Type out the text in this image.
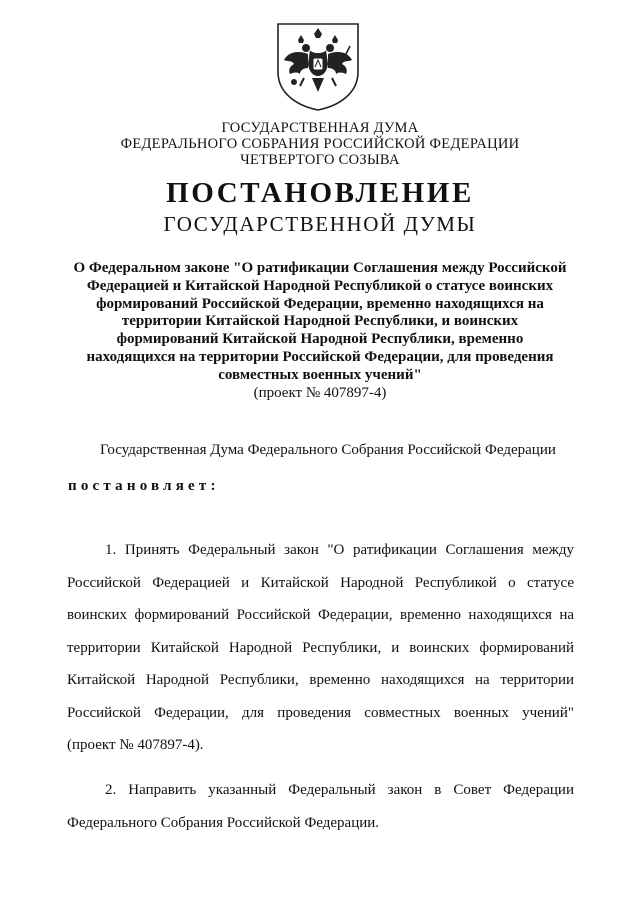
ГОСУДАРСТВЕННАЯ ДУМА
ФЕДЕРАЛЬНОГО СОБРАНИЯ РОССИЙСКОЙ ФЕДЕРАЦИИ
ЧЕТВЕРТОГО СОЗЫВА
ПОСТАНОВЛЕНИЕ
ГОСУДАРСТВЕННОЙ ДУМЫ
О Федеральном законе "О ратификации Соглашения между Российской
Федерацией и Китайской Народной Республикой о статусе воинских
формирований Российской Федерации, временно находящихся на
территории Китайской Народной Республики, и воинских
формирований Китайской Народной Республики, временно
находящихся на территории Российской Федерации, для проведения
совместных военных учений"
(проект № 407897-4)
Государственная Дума Федерального Собрания Российской Федерации
постановляет:
1. Принять Федеральный закон "О ратификации Соглашения между
Российской Федерацией и Китайской Народной Республикой о статусе
воинских формирований Российской Федерации, временно находящихся на
территории Китайской Народной Республики, и воинских формирований
Китайской Народной Республики, временно находящихся на территории
Российской Федерации, для проведения совместных военных учений"
(проект № 407897-4).
2. Направить указанный Федеральный закон в Совет Федерации
Федерального Собрания Российской Федерации.
